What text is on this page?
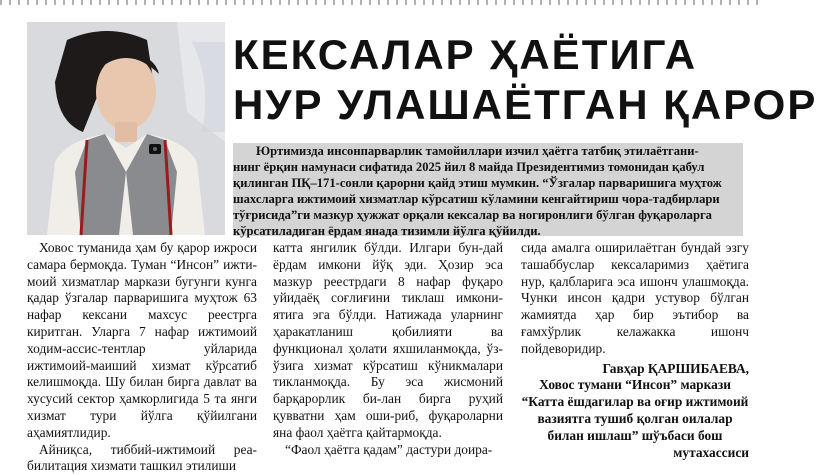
КЕКСАЛАР ҲАЁТИГА
НУР УЛАШАЁТГАН ҚАРОР

Юртимизда инсонпарварлик тамойиллари изчил ҳаётга татбиқ этилаётгани-

нинг ёрқин намунаси сифатида 2025 йил 8 майда Президентимиз томонидан қабул

қилинган ПҚ–171-сонли қарорни қайд этиш мумкин. “Ўзгалар парваришига муҳтож

шахсларга ижтимоий хизматлар кўрсатиш кўламини кенгайтириш чора-тадбирлари

тўғрисида”ги мазкур ҳужжат орқали кексалар ва ногиронлиги бўлган фуқароларга

кўрсатиладиган ёрдам янада тизимли йўлга қўйилди.

Ховос туманида ҳам бу қарор ижроси самара бермоқда. Туман “Инсон” ижти-моий хизматлар маркази бугунги кунга қадар ўзгалар парваришига муҳтож 63 нафар кексани махсус реестрга киритган. Уларга 7 нафар ижтимоий ходим-ассис-тентлар уйларида ижтимоий-маиший хизмат кўрсатиб келишмоқда. Шу билан бирга давлат ва хусусий сектор ҳамкорлигида 5 та янги хизмат тури йўлга қўйилгани аҳамиятлидир.

Айниқса, тиббий-ижтимоий реа-билитация хизмати ташкил этилиши

катта янгилик бўлди. Илгари бун-дай ёрдам имкони йўқ эди. Ҳозир эса мазкур реестрдаги 8 нафар фуқаро уйидаёқ соғлиғини тиклаш имкони-ятига эга бўлди. Натижада уларнинг ҳаракатланиш қобилияти ва функционал ҳолати яхшиланмоқда, ўз-ўзига хизмат кўрсатиш кўникмалари тикланмоқда. Бу эса жисмоний барқарорлик би-лан бирга руҳий қувватни ҳам оши-риб, фуқароларни яна фаол ҳаётга қайтармоқда.

“Фаол ҳаётга қадам” дастури доира-

сида амалга оширилаётган бундай эзгу ташаббуслар кексаларимиз ҳаётига нур, қалбларига эса ишонч улашмоқда. Чунки инсон қадри устувор бўлган жамиятда ҳар бир эътибор ва ғамхўрлик келажакка ишонч пойдеворидир.

Гавҳар ҚАРШИБАЕВА,

Ховос тумани “Инсон” маркази

“Катта ёшдагилар ва оғир ижтимоий

вазиятга тушиб қолган оилалар

билан ишлаш” шўъбаси бош

мутахассиси
